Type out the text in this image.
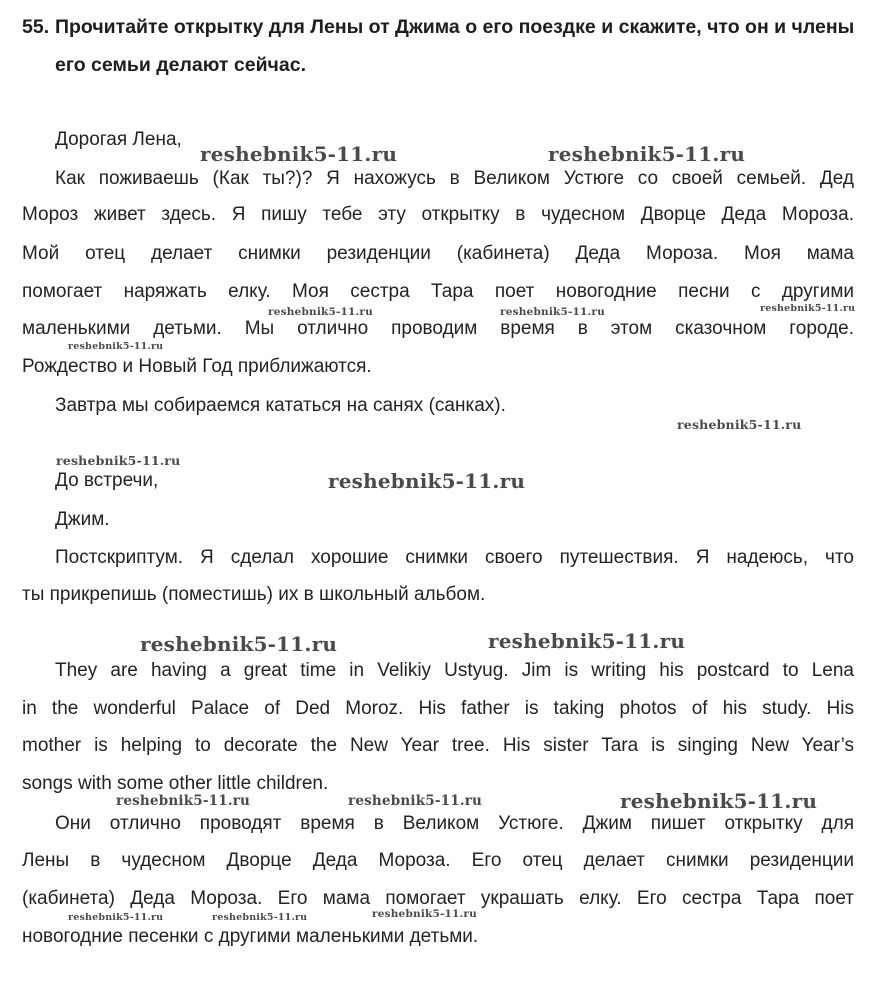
55. Прочитайте открытку для Лены от Джима о его поездке и скажите, что он и члены его семьи делают сейчас.
Дорогая Лена,
Как поживаешь (Как ты?)? Я нахожусь в Великом Устюге со своей семьей. Дед
Мороз живет здесь. Я пишу тебе эту открытку в чудесном Дворце Деда Мороза.
Мой отец делает снимки резиденции (кабинета) Деда Мороза. Моя мама
помогает наряжать елку. Моя сестра Тара поет новогодние песни с другими
маленькими детьми. Мы отлично проводим время в этом сказочном городе.
Рождество и Новый Год приближаются.
Завтра мы собираемся кататься на санях (санках).
До встречи,
Джим.
Постскриптум. Я сделал хорошие снимки своего путешествия. Я надеюсь, что
ты прикрепишь (поместишь) их в школьный альбом.
They are having a great time in Velikiy Ustyug. Jim is writing his postcard to Lena
in the wonderful Palace of Ded Moroz. His father is taking photos of his study. His
mother is helping to decorate the New Year tree. His sister Tara is singing New Year’s
songs with some other little children.
Они отлично проводят время в Великом Устюге. Джим пишет открытку для
Лены в чудесном Дворце Деда Мороза. Его отец делает снимки резиденции
(кабинета) Деда Мороза. Его мама помогает украшать елку. Его сестра Тара поет
новогодние песенки с другими маленькими детьми.
reshebnik5-11.ru	reshebnik5-11.ru
reshebnik5-11.ru	reshebnik5-11.ru	reshebnik5-11.ru
reshebnik5-11.ru
reshebnik5-11.ru
reshebnik5-11.ru
reshebnik5-11.ru
reshebnik5-11.ru	reshebnik5-11.ru
reshebnik5-11.ru	reshebnik5-11.ru	reshebnik5-11.ru
reshebnik5-11.ru	reshebnik5-11.ru	reshebnik5-11.ru
